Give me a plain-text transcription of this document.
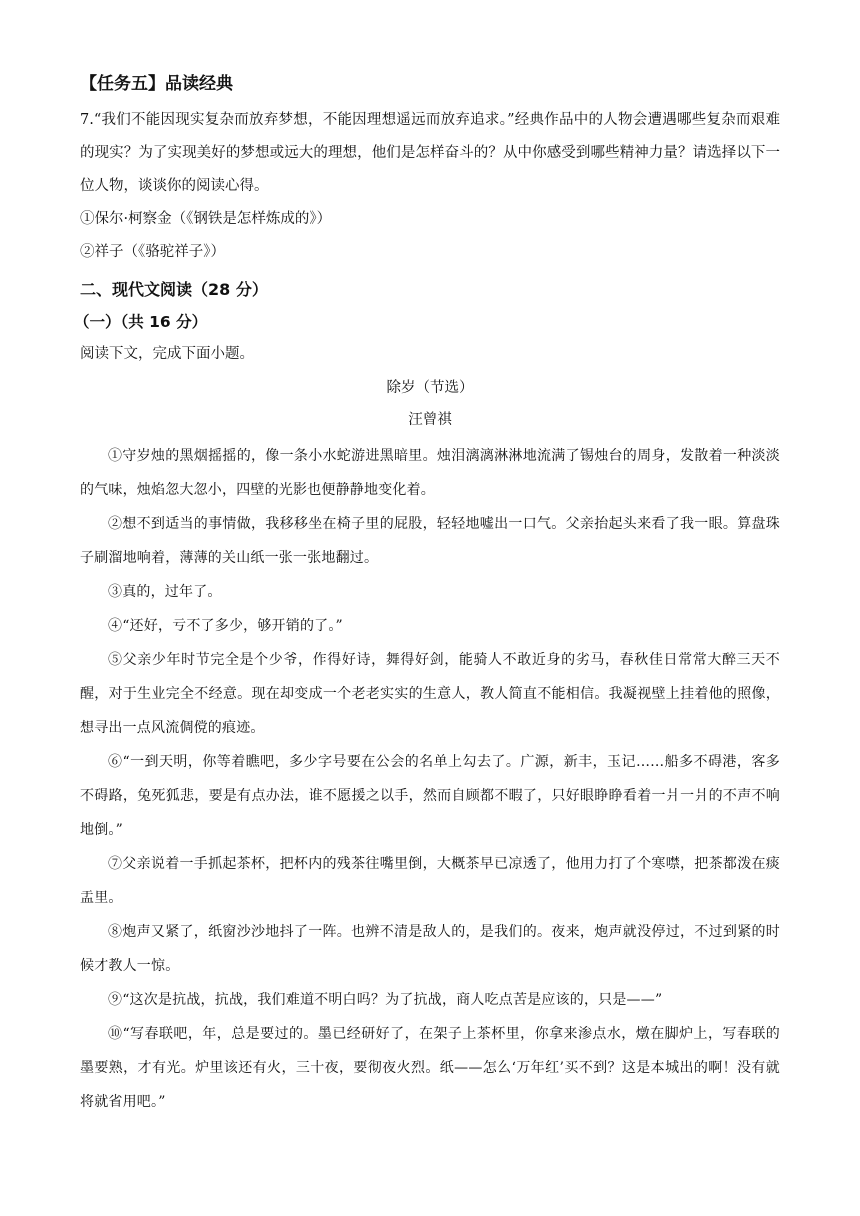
【任务五】品读经典

7.“我们不能因现实复杂而放弃梦想，不能因理想遥远而放弃追求。”经典作品中的人物会遭遇哪些复杂而艰难的现实？为了实现美好的梦想或远大的理想，他们是怎样奋斗的？从中你感受到哪些精神力量？请选择以下一位人物，谈谈你的阅读心得。

①保尔·柯察金（《钢铁是怎样炼成的》）

②祥子（《骆驼祥子》）

二、现代文阅读（28 分）
（一）（共 16 分）

阅读下文，完成下面小题。

除岁（节选）
汪曾祺

①守岁烛的黑烟摇摇的，像一条小水蛇游进黑暗里。烛泪漓漓淋淋地流满了锡烛台的周身，发散着一种淡淡的气味，烛焰忽大忽小，四壁的光影也便静静地变化着。

②想不到适当的事情做，我移移坐在椅子里的屁股，轻轻地嘘出一口气。父亲抬起头来看了我一眼。算盘珠子刷溜地响着，薄薄的关山纸一张一张地翻过。

③真的，过年了。

④“还好，亏不了多少，够开销的了。”

⑤父亲少年时节完全是个少爷，作得好诗，舞得好剑，能骑人不敢近身的劣马，春秋佳日常常大醉三天不醒，对于生业完全不经意。现在却变成一个老老实实的生意人，教人简直不能相信。我凝视壁上挂着他的照像，想寻出一点风流倜傥的痕迹。

⑥“一到天明，你等着瞧吧，多少字号要在公会的名单上勾去了。广源，新丰，玉记……船多不碍港，客多不碍路，兔死狐悲，要是有点办法，谁不愿援之以手，然而自顾都不暇了，只好眼睁睁看着一爿一爿的不声不响地倒。”

⑦父亲说着一手抓起茶杯，把杯内的残茶往嘴里倒，大概茶早已凉透了，他用力打了个寒噤，把茶都泼在痰盂里。

⑧炮声又紧了，纸窗沙沙地抖了一阵。也辨不清是敌人的，是我们的。夜来，炮声就没停过，不过到紧的时候才教人一惊。

⑨“这次是抗战，抗战，我们难道不明白吗？为了抗战，商人吃点苦是应该的，只是——”

⑩“写春联吧，年，总是要过的。墨已经研好了，在架子上茶杯里，你拿来渗点水，燉在脚炉上，写春联的墨要熟，才有光。炉里该还有火，三十夜，要彻夜火烈。纸——怎么‘万年红’买不到？这是本城出的啊！没有就将就省用吧。”
